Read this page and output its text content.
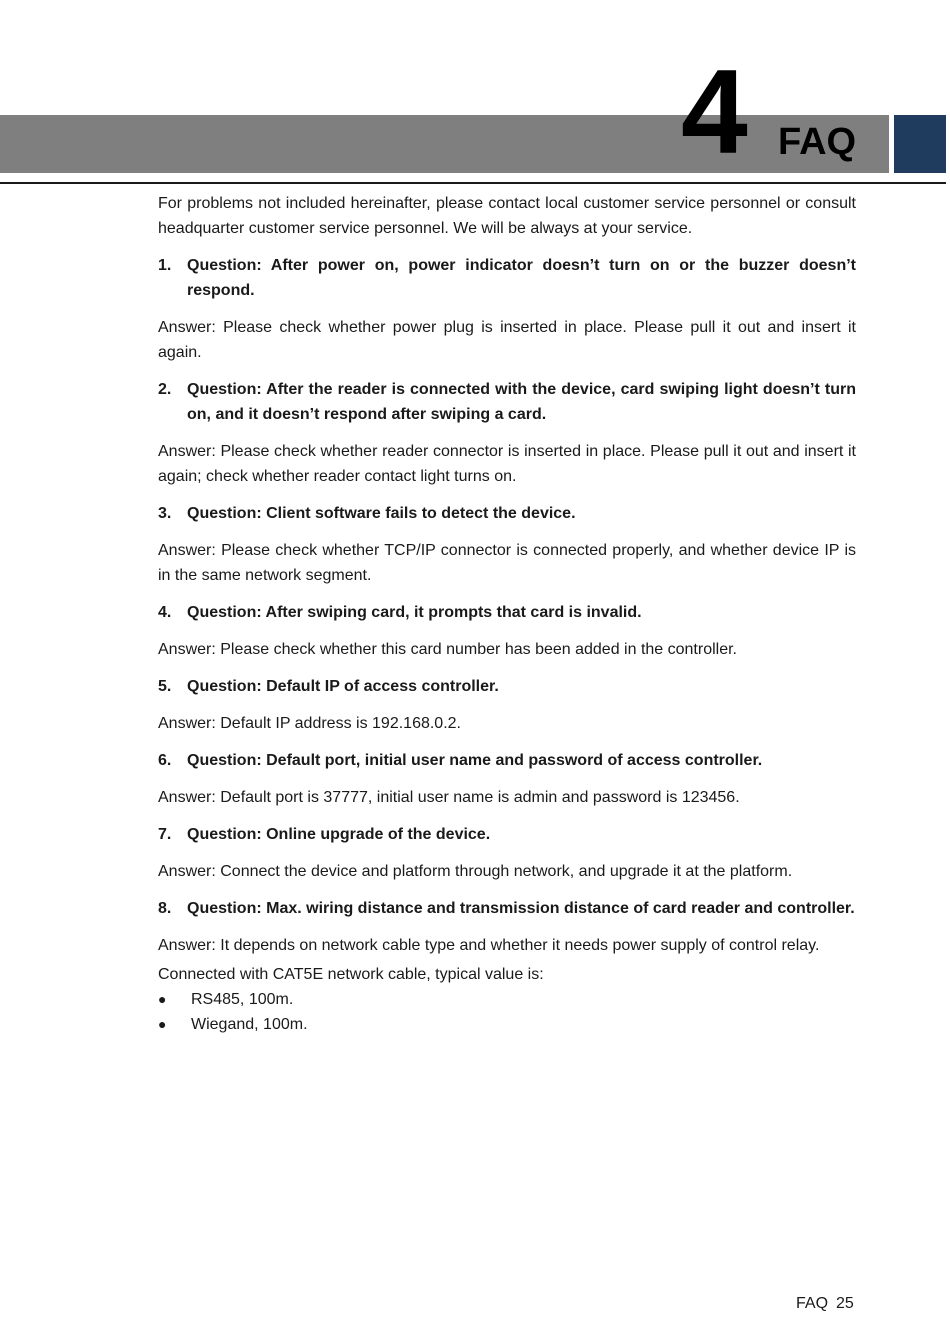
4 FAQ

For problems not included hereinafter, please contact local customer service personnel or consult headquarter customer service personnel. We will be always at your service.

1. Question: After power on, power indicator doesn’t turn on or the buzzer doesn’t respond.

Answer: Please check whether power plug is inserted in place. Please pull it out and insert it again.

2. Question: After the reader is connected with the device, card swiping light doesn’t turn on, and it doesn’t respond after swiping a card.

Answer: Please check whether reader connector is inserted in place. Please pull it out and insert it again; check whether reader contact light turns on.

3. Question: Client software fails to detect the device.

Answer: Please check whether TCP/IP connector is connected properly, and whether device IP is in the same network segment.

4. Question: After swiping card, it prompts that card is invalid.

Answer: Please check whether this card number has been added in the controller.

5. Question: Default IP of access controller.

Answer: Default IP address is 192.168.0.2.

6. Question: Default port, initial user name and password of access controller.

Answer: Default port is 37777, initial user name is admin and password is 123456.

7. Question: Online upgrade of the device.

Answer: Connect the device and platform through network, and upgrade it at the platform.

8. Question: Max. wiring distance and transmission distance of card reader and controller.

Answer: It depends on network cable type and whether it needs power supply of control relay.

Connected with CAT5E network cable, typical value is:

●	RS485, 100m.
●	Wiegand, 100m.
FAQ 25
